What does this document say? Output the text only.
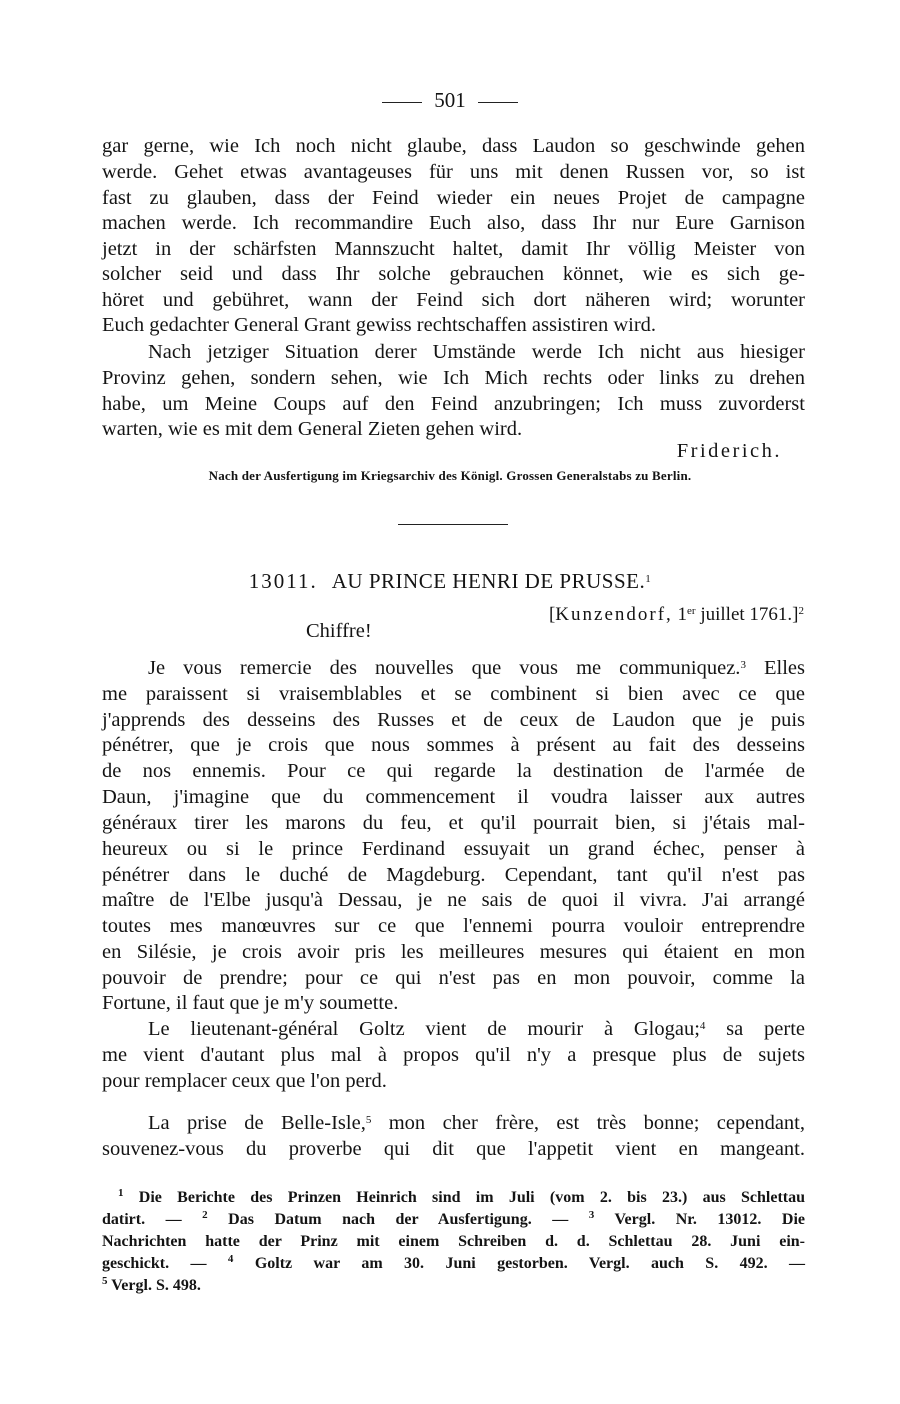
501
gar gerne, wie Ich noch nicht glaube, dass Laudon so geschwinde gehen
werde. Gehet etwas avantageuses für uns mit denen Russen vor, so ist
fast zu glauben, dass der Feind wieder ein neues Projet de campagne
machen werde. Ich recommandire Euch also, dass Ihr nur Eure Garnison
jetzt in der schärfsten Mannszucht haltet, damit Ihr völlig Meister von
solcher seid und dass Ihr solche gebrauchen könnet, wie es sich ge-
höret und gebühret, wann der Feind sich dort näheren wird; worunter
Euch gedachter General Grant gewiss rechtschaffen assistiren wird.
Nach jetziger Situation derer Umstände werde Ich nicht aus hiesiger
Provinz gehen, sondern sehen, wie Ich Mich rechts oder links zu drehen
habe, um Meine Coups auf den Feind anzubringen; Ich muss zuvorderst
warten, wie es mit dem General Zieten gehen wird.
Friderich.
Nach der Ausfertigung im Kriegsarchiv des Königl. Grossen Generalstabs zu Berlin.
13011. AU PRINCE HENRI DE PRUSSE.$^1$
[Kunzendorf, 1er juillet 1761.]$^2$
Chiffre!
Je vous remercie des nouvelles que vous me communiquez.$^3$ Elles
me paraissent si vraisemblables et se combinent si bien avec ce que
j'apprends des desseins des Russes et de ceux de Laudon que je puis
pénétrer, que je crois que nous sommes à présent au fait des desseins
de nos ennemis. Pour ce qui regarde la destination de l'armée de
Daun, j'imagine que du commencement il voudra laisser aux autres
généraux tirer les marons du feu, et qu'il pourrait bien, si j'étais mal-
heureux ou si le prince Ferdinand essuyait un grand échec, penser à
pénétrer dans le duché de Magdeburg. Cependant, tant qu'il n'est pas
maître de l'Elbe jusqu'à Dessau, je ne sais de quoi il vivra. J'ai arrangé
toutes mes manœuvres sur ce que l'ennemi pourra vouloir entreprendre
en Silésie, je crois avoir pris les meilleures mesures qui étaient en mon
pouvoir de prendre; pour ce qui n'est pas en mon pouvoir, comme la
Fortune, il faut que je m'y soumette.
Le lieutenant-général Goltz vient de mourir à Glogau;$^4$ sa perte
me vient d'autant plus mal à propos qu'il n'y a presque plus de sujets
pour remplacer ceux que l'on perd.
La prise de Belle-Isle,$^5$ mon cher frère, est très bonne; cependant,
souvenez-vous du proverbe qui dit que l'appetit vient en mangeant.
$^1$ Die Berichte des Prinzen Heinrich sind im Juli (vom 2. bis 23.) aus Schlettau
datirt. — $^2$ Das Datum nach der Ausfertigung. — $^3$ Vergl. Nr. 13012. Die
Nachrichten hatte der Prinz mit einem Schreiben d. d. Schlettau 28. Juni ein-
geschickt. — $^4$ Goltz war am 30. Juni gestorben. Vergl. auch S. 492. —
$^5$ Vergl. S. 498.
